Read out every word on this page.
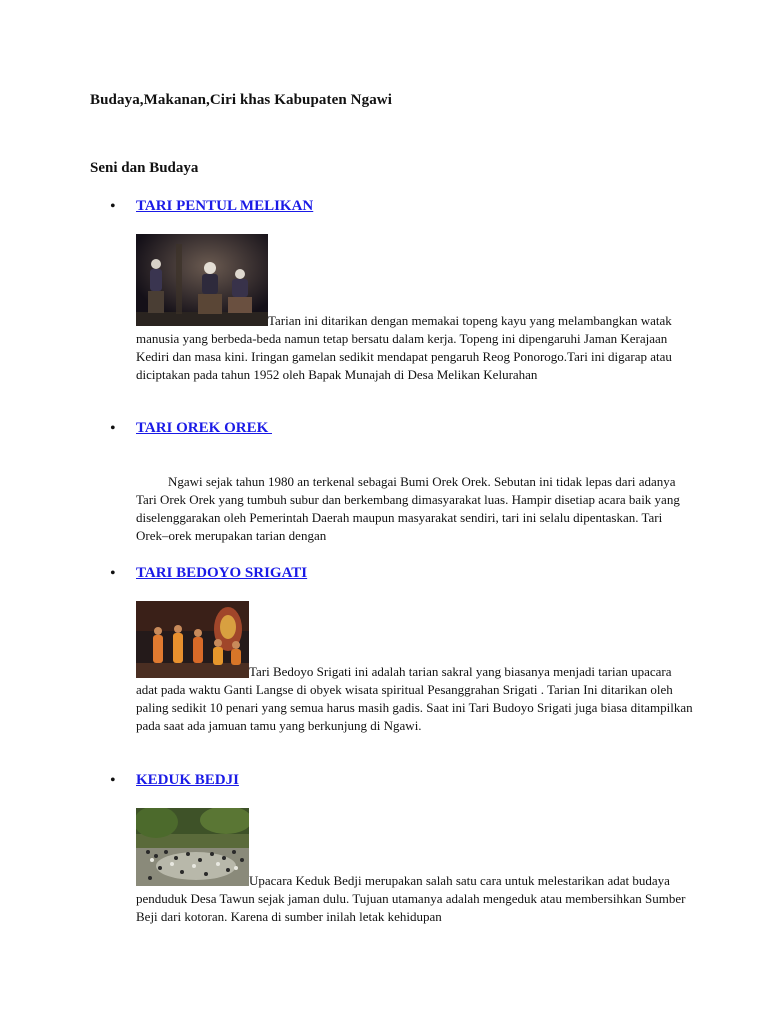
Budaya,Makanan,Ciri khas Kabupaten Ngawi
Seni dan Budaya
• TARI PENTUL MELIKAN
Tarian ini ditarikan dengan memakai topeng kayu yang melambangkan watak manusia yang berbeda-beda namun tetap bersatu dalam kerja. Topeng ini dipengaruhi Jaman Kerajaan Kediri dan masa kini. Iringan gamelan sedikit mendapat pengaruh Reog Ponorogo.Tari ini digarap atau diciptakan pada tahun 1952 oleh Bapak Munajah di Desa Melikan Kelurahan
• TARI OREK OREK
Ngawi sejak tahun 1980 an terkenal sebagai Bumi Orek Orek. Sebutan ini tidak lepas dari adanya Tari Orek Orek yang tumbuh subur dan berkembang dimasyarakat luas. Hampir disetiap acara baik yang diselenggarakan oleh Pemerintah Daerah maupun masyarakat sendiri, tari ini selalu dipentaskan. Tari Orek–orek merupakan tarian dengan
• TARI BEDOYO SRIGATI
Tari Bedoyo Srigati ini adalah tarian sakral yang biasanya menjadi tarian upacara adat pada waktu Ganti Langse di obyek wisata spiritual Pesanggrahan Srigati . Tarian Ini ditarikan oleh paling sedikit 10 penari yang semua harus masih gadis. Saat ini Tari Budoyo Srigati juga biasa ditampilkan pada saat ada jamuan tamu yang berkunjung di Ngawi.
• KEDUK BEDJI
Upacara Keduk Bedji merupakan salah satu cara untuk melestarikan adat budaya penduduk Desa Tawun sejak jaman dulu. Tujuan utamanya adalah mengeduk atau membersihkan Sumber Beji dari kotoran. Karena di sumber inilah letak kehidupan
